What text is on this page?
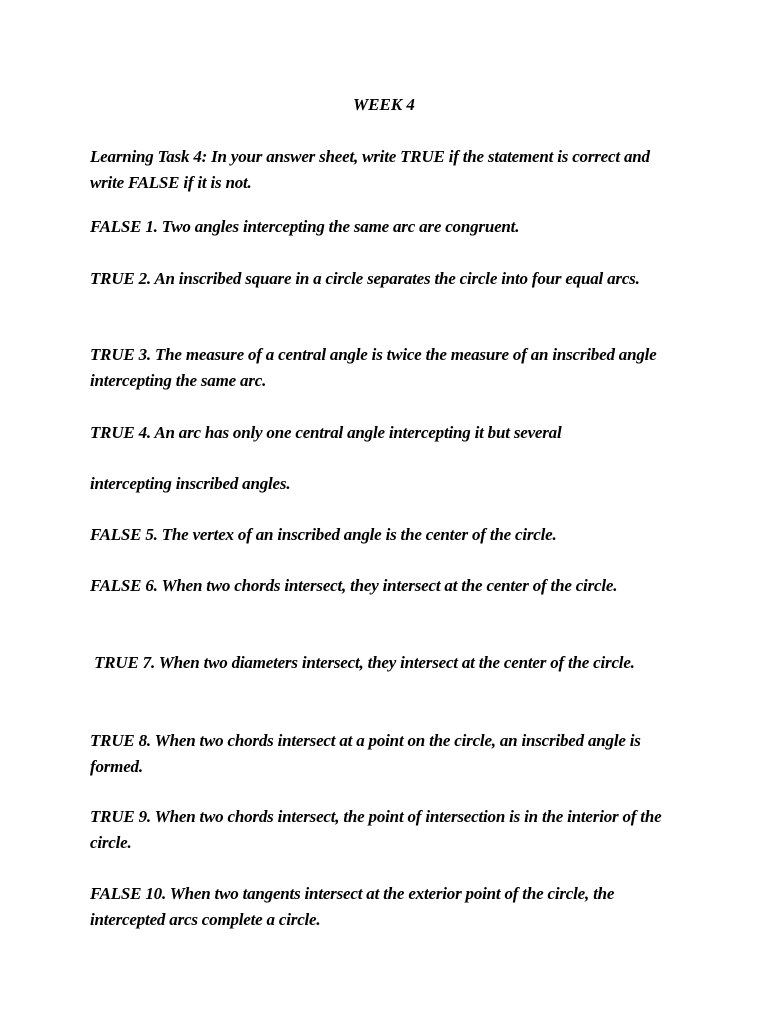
WEEK 4

Learning Task 4: In your answer sheet, write TRUE if the statement is correct and write FALSE if it is not.

FALSE 1. Two angles intercepting the same arc are congruent.

TRUE 2. An inscribed square in a circle separates the circle into four equal arcs.

TRUE 3. The measure of a central angle is twice the measure of an inscribed angle intercepting the same arc.

TRUE 4. An arc has only one central angle intercepting it but several

intercepting inscribed angles.

FALSE 5. The vertex of an inscribed angle is the center of the circle.

FALSE 6. When two chords intersect, they intersect at the center of the circle.

TRUE 7. When two diameters intersect, they intersect at the center of the circle.

TRUE 8. When two chords intersect at a point on the circle, an inscribed angle is formed.

TRUE 9. When two chords intersect, the point of intersection is in the interior of the circle.

FALSE 10. When two tangents intersect at the exterior point of the circle, the intercepted arcs complete a circle.
